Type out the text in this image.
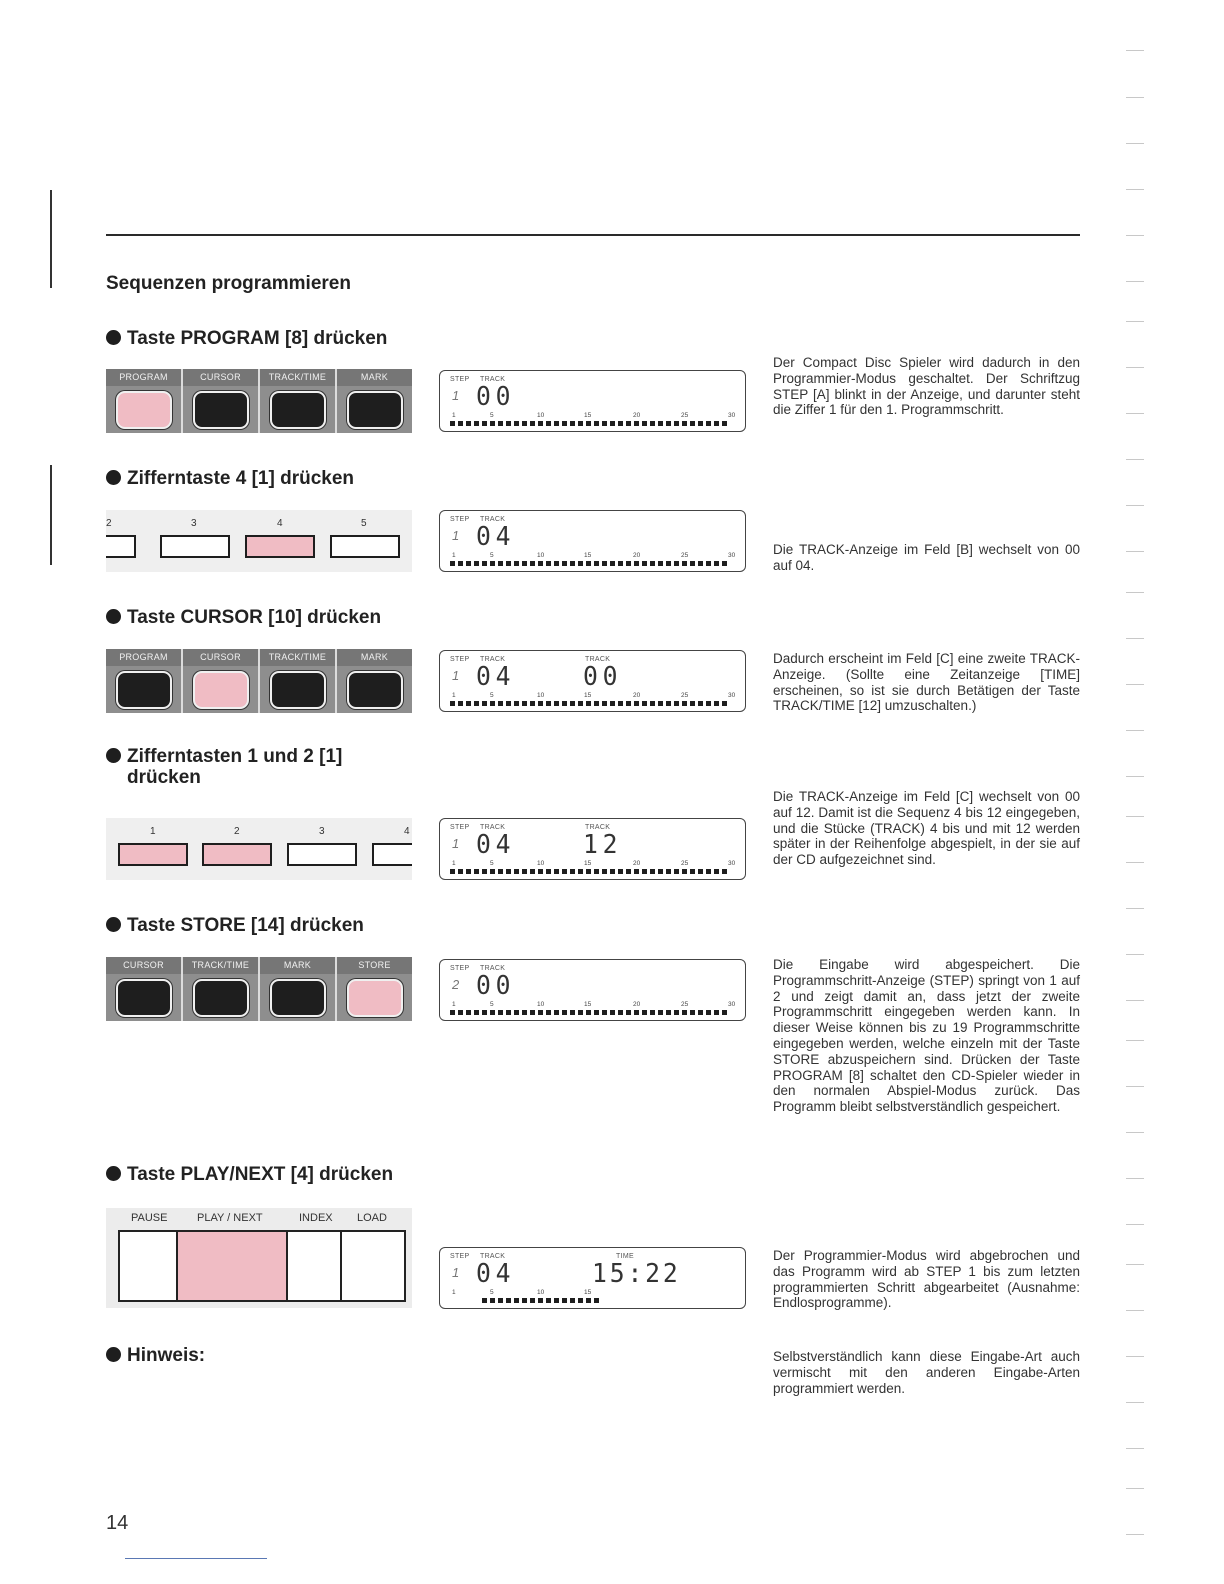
Sequenzen programmieren
Taste PROGRAM [8] drücken
PROGRAM	CURSOR	TRACK/TIME	MARK	STEP TRACK
1 00
1	5	10	15	20	25	30
Der Compact Disc Spieler wird dadurch in den Programmier-Modus geschaltet. Der Schriftzug STEP [A] blinkt in der Anzeige, und darunter steht die Ziffer 1 für den 1. Programmschritt.
Zifferntaste 4 [1] drücken
2	3	4	5	STEP TRACK
1 04
1	5	10	15	20	25	30	Die TRACK-Anzeige im Feld [B] wechselt von 00 auf 04.
Taste CURSOR [10] drücken
PROGRAM	CURSOR	TRACK/TIME	MARK	STEP TRACK	TRACK
1 04	00
1	5	10	15	20	25	30
Dadurch erscheint im Feld [C] eine zweite TRACK-Anzeige. (Sollte eine Zeitanzeige [TIME] erscheinen, so ist sie durch Betätigen der Taste TRACK/TIME [12] umzuschalten.)
Zifferntasten 1 und 2 [1]
drücken
1	2	3	4	STEP TRACK	TRACK
1 04	12
1	5	10	15	20	25	30
Die TRACK-Anzeige im Feld [C] wechselt von 00 auf 12. Damit ist die Sequenz 4 bis 12 eingegeben, und die Stücke (TRACK) 4 bis und mit 12 werden später in der Reihenfolge abgespielt, in der sie auf der CD aufgezeichnet sind.
Taste STORE [14] drücken
CURSOR	TRACK/TIME	MARK	STORE	STEP TRACK
2 00
1	5	10	15	20	25	30
Die Eingabe wird abgespeichert. Die Programmschritt-Anzeige (STEP) springt von 1 auf 2 und zeigt damit an, dass jetzt der zweite Programmschritt eingegeben werden kann. In dieser Weise können bis zu 19 Programmschritte eingegeben werden, welche einzeln mit der Taste STORE abzuspeichern sind. Drücken der Taste PROGRAM [8] schaltet den CD-Spieler wieder in den normalen Abspiel-Modus zurück. Das Programm bleibt selbstverständlich gespeichert.
Taste PLAY/NEXT [4] drücken
PAUSE	PLAY / NEXT	INDEX LOAD
STEP TRACK	TIME
1 04	15:22
1	5	10	15
Der Programmier-Modus wird abgebrochen und das Programm wird ab STEP 1 bis zum letzten programmierten Schritt abgearbeitet (Ausnahme: Endlosprogramme).
Hinweis:	Selbstverständlich kann diese Eingabe-Art auch vermischt mit den anderen Eingabe-Arten programmiert werden.
14
